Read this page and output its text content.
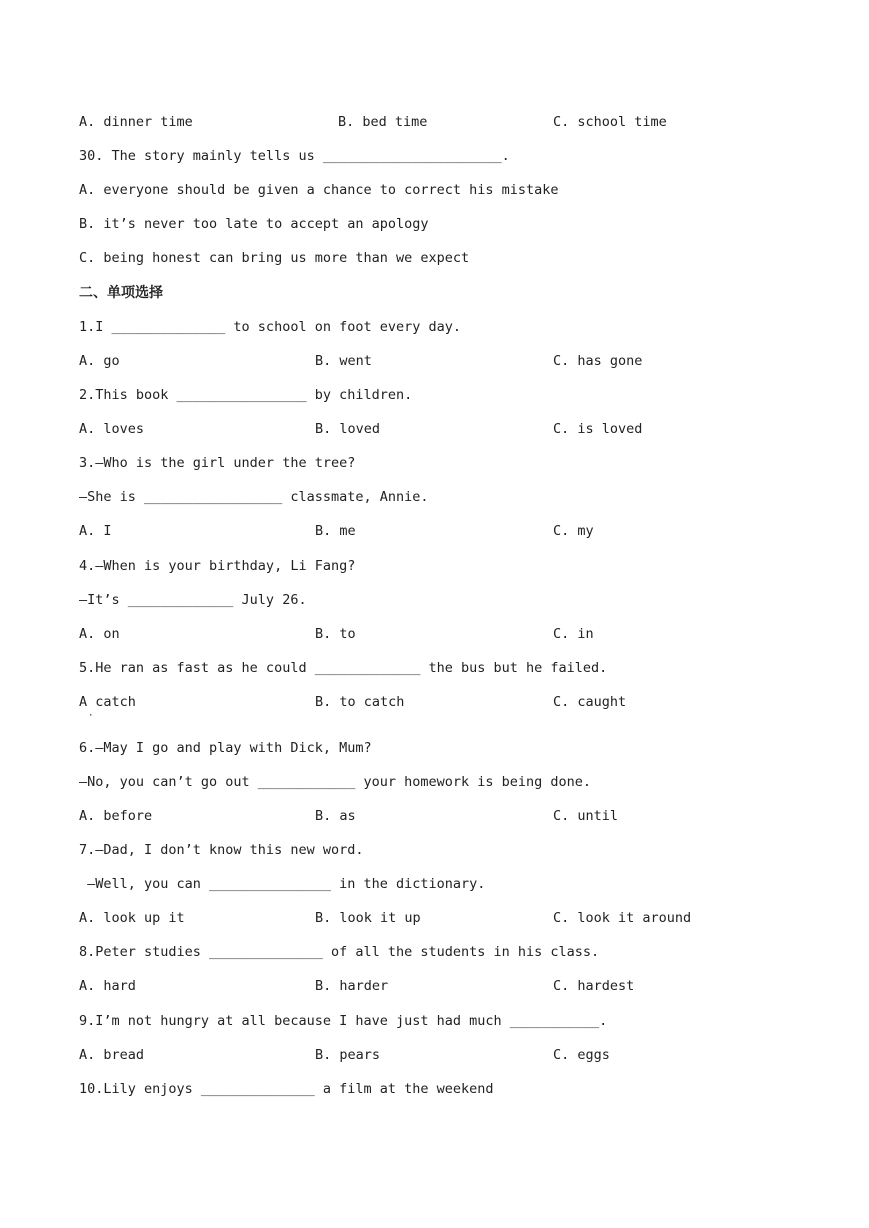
A. dinner time	B. bed time	C. school time
30. The story mainly tells us ______________________.
A. everyone should be given a chance to correct his mistake
B. it’s never too late to accept an apology
C. being honest can bring us more than we expect
二、单项选择
1.I ______________ to school on foot every day.
A. go	B. went	C. has gone
2.This book ________________ by children.
A. loves	B. loved	C. is loved
3.—Who is the girl under the tree?
—She is _________________ classmate, Annie.
A. I	B. me	C. my
4.—When is your birthday, Li Fang?
—It’s _____________ July 26.
A. on	B. to	C. in
5.He ran as fast as he could _____________ the bus but he failed.
A catch
·
B. to catch	C. caught
6.—May I go and play with Dick, Mum?
—No, you can’t go out ____________ your homework is being done.
A. before	B. as	C. until
7.—Dad, I don’t know this new word.
—Well, you can _______________ in the dictionary.
A. look up it	B. look it up	C. look it around
8.Peter studies ______________ of all the students in his class.
A. hard	B. harder	C. hardest
9.I’m not hungry at all because I have just had much ___________.
A. bread	B. pears	C. eggs
10.Lily enjoys ______________ a film at the weekend
